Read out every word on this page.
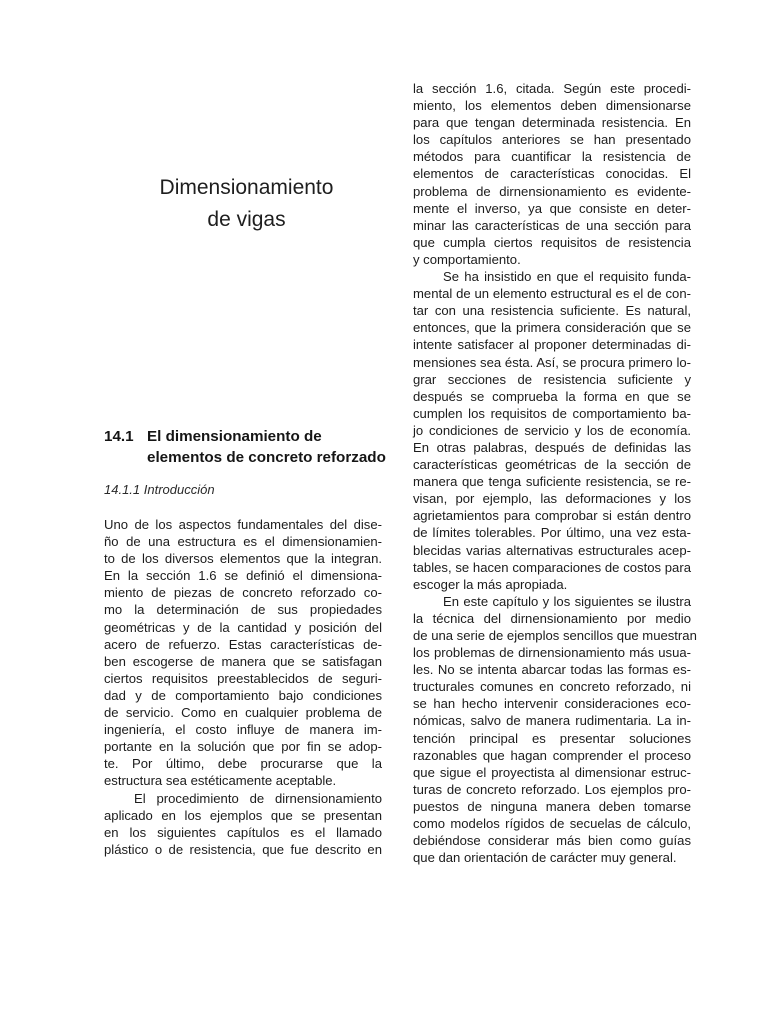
Dimensionamiento
de vigas
14.1 El dimensionamiento de
elementos de concreto reforzado
14.1.1 Introducción
Uno de los aspectos fundamentales del dise-
ño de una estructura es el dimensionamien-
to de los diversos elementos que la integran.
En la sección 1.6 se definió el dimensiona-
miento de piezas de concreto reforzado co-
mo la determinación de sus propiedades
geométricas y de la cantidad y posición del
acero de refuerzo. Estas características de-
ben escogerse de manera que se satisfagan
ciertos requisitos preestablecidos de seguri-
dad y de comportamiento bajo condiciones
de servicio. Como en cualquier problema de
ingeniería, el costo influye de manera im-
portante en la solución que por fin se adop-
te. Por último, debe procurarse que la
estructura sea estéticamente aceptable.
El procedimiento de dirnensionamiento
aplicado en los ejemplos que se presentan
en los siguientes capítulos es el llamado
plástico o de resistencia, que fue descrito en
la sección 1.6, citada. Según este procedi-
miento, los elementos deben dimensionarse
para que tengan determinada resistencia. En
los capítulos anteriores se han presentado
métodos para cuantificar la resistencia de
elementos de características conocidas. El
problema de dirnensionamiento es evidente-
mente el inverso, ya que consiste en deter-
minar las características de una sección para
que cumpla ciertos requisitos de resistencia
y comportamiento.
Se ha insistido en que el requisito funda-
mental de un elemento estructural es el de con-
tar con una resistencia suficiente. Es natural,
entonces, que la primera consideración que se
intente satisfacer al proponer determinadas di-
mensiones sea ésta. Así, se procura primero lo-
grar secciones de resistencia suficiente y
después se comprueba la forma en que se
cumplen los requisitos de comportamiento ba-
jo condiciones de servicio y los de economía.
En otras palabras, después de definidas las
características geométricas de la sección de
manera que tenga suficiente resistencia, se re-
visan, por ejemplo, las deformaciones y los
agrietamientos para comprobar si están dentro
de límites tolerables. Por último, una vez esta-
blecidas varias alternativas estructurales acep-
tables, se hacen comparaciones de costos para
escoger la más apropiada.
En este capítulo y los siguientes se ilustra
la técnica del dirnensionamiento por medio
de una serie de ejemplos sencillos que muestran
los problemas de dirnensionamiento más usua-
les. No se intenta abarcar todas las formas es-
tructurales comunes en concreto reforzado, ni
se han hecho intervenir consideraciones eco-
nómicas, salvo de manera rudimentaria. La in-
tención principal es presentar soluciones
razonables que hagan comprender el proceso
que sigue el proyectista al dimensionar estruc-
turas de concreto reforzado. Los ejemplos pro-
puestos de ninguna manera deben tomarse
como modelos rígidos de secuelas de cálculo,
debiéndose considerar más bien como guías
que dan orientación de carácter muy general.
